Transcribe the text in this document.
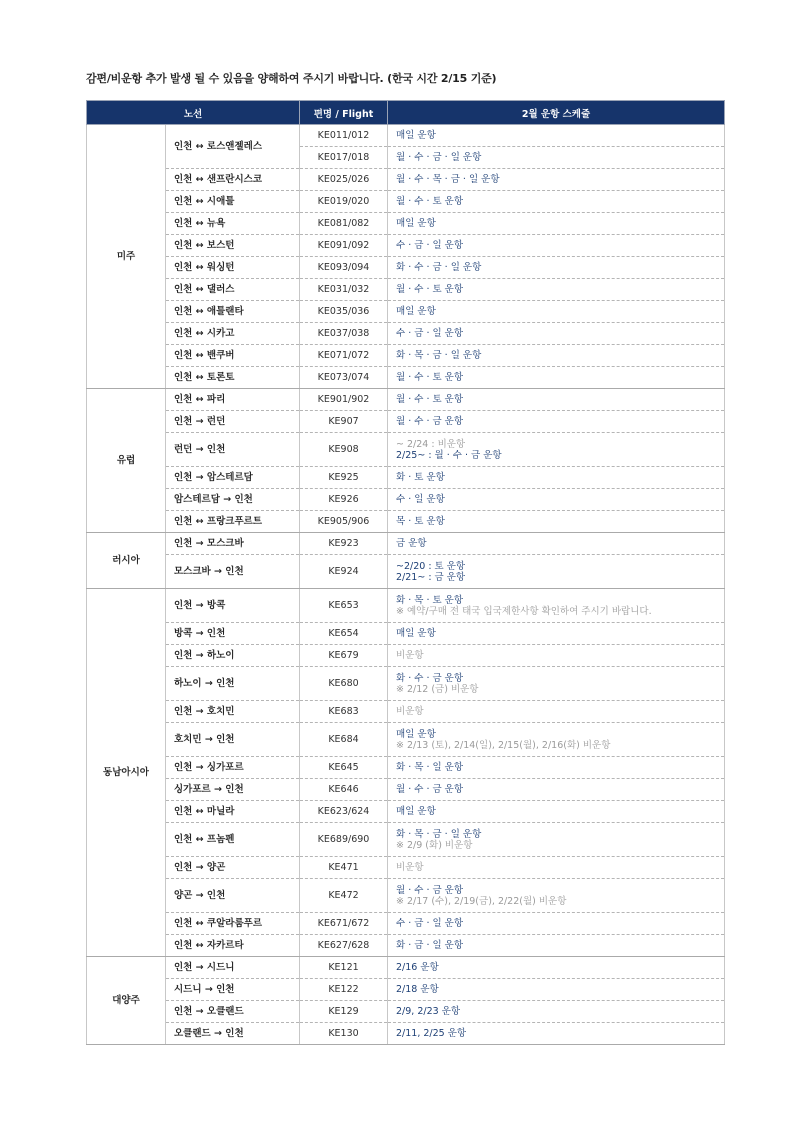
감편/비운항 추가 발생 될 수 있음을 양해하여 주시기 바랍니다. (한국 시간 2/15 기준)
노선		편명 / Flight	2월 운항 스케줄
미주	인천 ↔ 로스앤젤레스	KE011/012	매일 운항

		KE017/018	월 · 수 · 금 · 일 운항

	인천 ↔ 샌프란시스코	KE025/026	월 · 수 · 목 · 금 · 일 운항

	인천 ↔ 시애틀	KE019/020	월 · 수 · 토 운항

	인천 ↔ 뉴욕	KE081/082	매일 운항

	인천 ↔ 보스턴	KE091/092	수 · 금 · 일 운항

	인천 ↔ 워싱턴	KE093/094	화 · 수 · 금 · 일 운항

	인천 ↔ 댈러스	KE031/032	월 · 수 · 토 운항

	인천 ↔ 애틀랜타	KE035/036	매일 운항

	인천 ↔ 시카고	KE037/038	수 · 금 · 일 운항

	인천 ↔ 밴쿠버	KE071/072	화 · 목 · 금 · 일 운항

	인천 ↔ 토론토	KE073/074	월 · 수 · 토 운항

유럽	인천 ↔ 파리	KE901/902	월 · 수 · 토 운항

	인천 → 런던	KE907	월 · 수 · 금 운항

	런던 → 인천	KE908	~ 2/24 : 비운항
2/25~ : 월 · 수 · 금 운항

	인천 → 암스테르담	KE925	화 · 토 운항

	암스테르담 → 인천	KE926	수 · 일 운항

	인천 ↔ 프랑크푸르트	KE905/906	목 · 토 운항

러시아	인천 → 모스크바	KE923	금 운항

	모스크바 → 인천	KE924	~2/20 : 토 운항
2/21~ : 금 운항

동남아시아	인천 → 방콕	KE653	화 · 목 · 토 운항
※ 예약/구매 전 태국 입국제한사항 확인하여 주시기 바랍니다.

	방콕 → 인천	KE654	매일 운항

	인천 → 하노이	KE679	비운항

	하노이 → 인천	KE680	화 · 수 · 금 운항
※ 2/12 (금) 비운항

	인천 → 호치민	KE683	비운항

	호치민 → 인천	KE684	매일 운항
※ 2/13 (토), 2/14(일), 2/15(월), 2/16(화) 비운항

	인천 → 싱가포르	KE645	화 · 목 · 일 운항

	싱가포르 → 인천	KE646	월 · 수 · 금 운항

	인천 ↔ 마닐라	KE623/624	매일 운항

	인천 ↔ 프놈펜	KE689/690	화 · 목 · 금 · 일 운항
※ 2/9 (화) 비운항

	인천 → 양곤	KE471	비운항

	양곤 → 인천	KE472	월 · 수 · 금 운항
※ 2/17 (수), 2/19(금), 2/22(월) 비운항

	인천 ↔ 쿠알라룸푸르	KE671/672	수 · 금 · 일 운항

	인천 ↔ 자카르타	KE627/628	화 · 금 · 일 운항

대양주	인천 → 시드니	KE121	2/16 운항

	시드니 → 인천	KE122	2/18 운항

	인천 → 오클랜드	KE129	2/9, 2/23 운항

	오클랜드 → 인천	KE130	2/11, 2/25 운항
